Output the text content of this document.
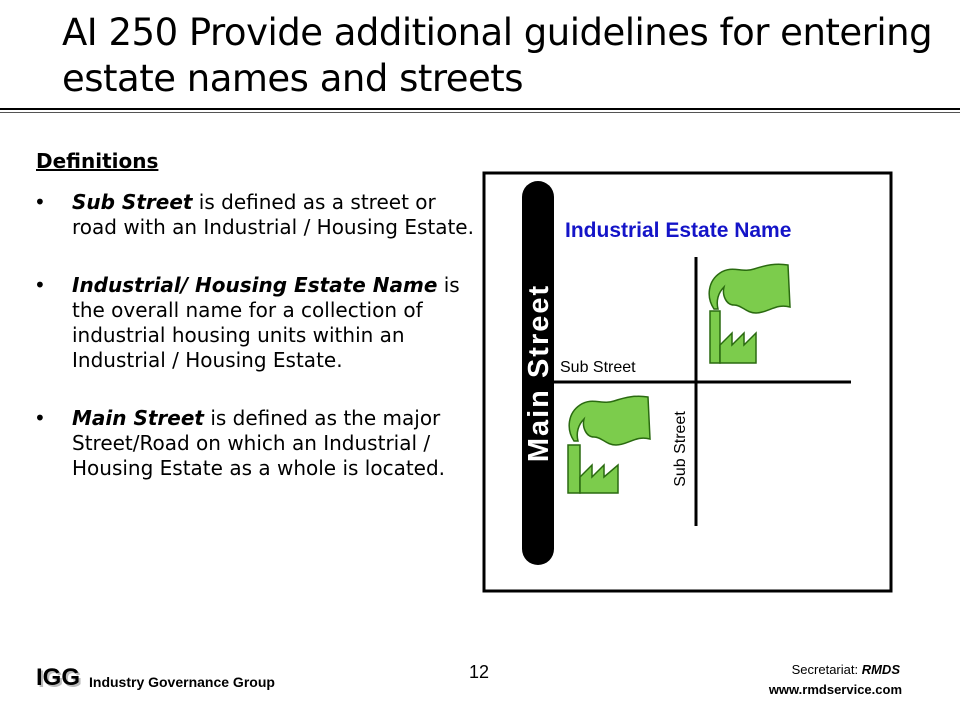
AI 250 Provide additional guidelines for entering estate names and streets
Definitions
• Sub Street is defined as a street or road with an Industrial / Housing Estate.
• Industrial/ Housing Estate Name is the overall name for a collection of industrial housing units within an Industrial / Housing Estate.
• Main Street is defined as the major Street/Road on which an Industrial / Housing Estate as a whole is located.
Main Street
Industrial Estate Name
Sub Street
Sub Street
12
IGG Industry Governance Group
Secretariat: RMDS
www.rmdservice.com
